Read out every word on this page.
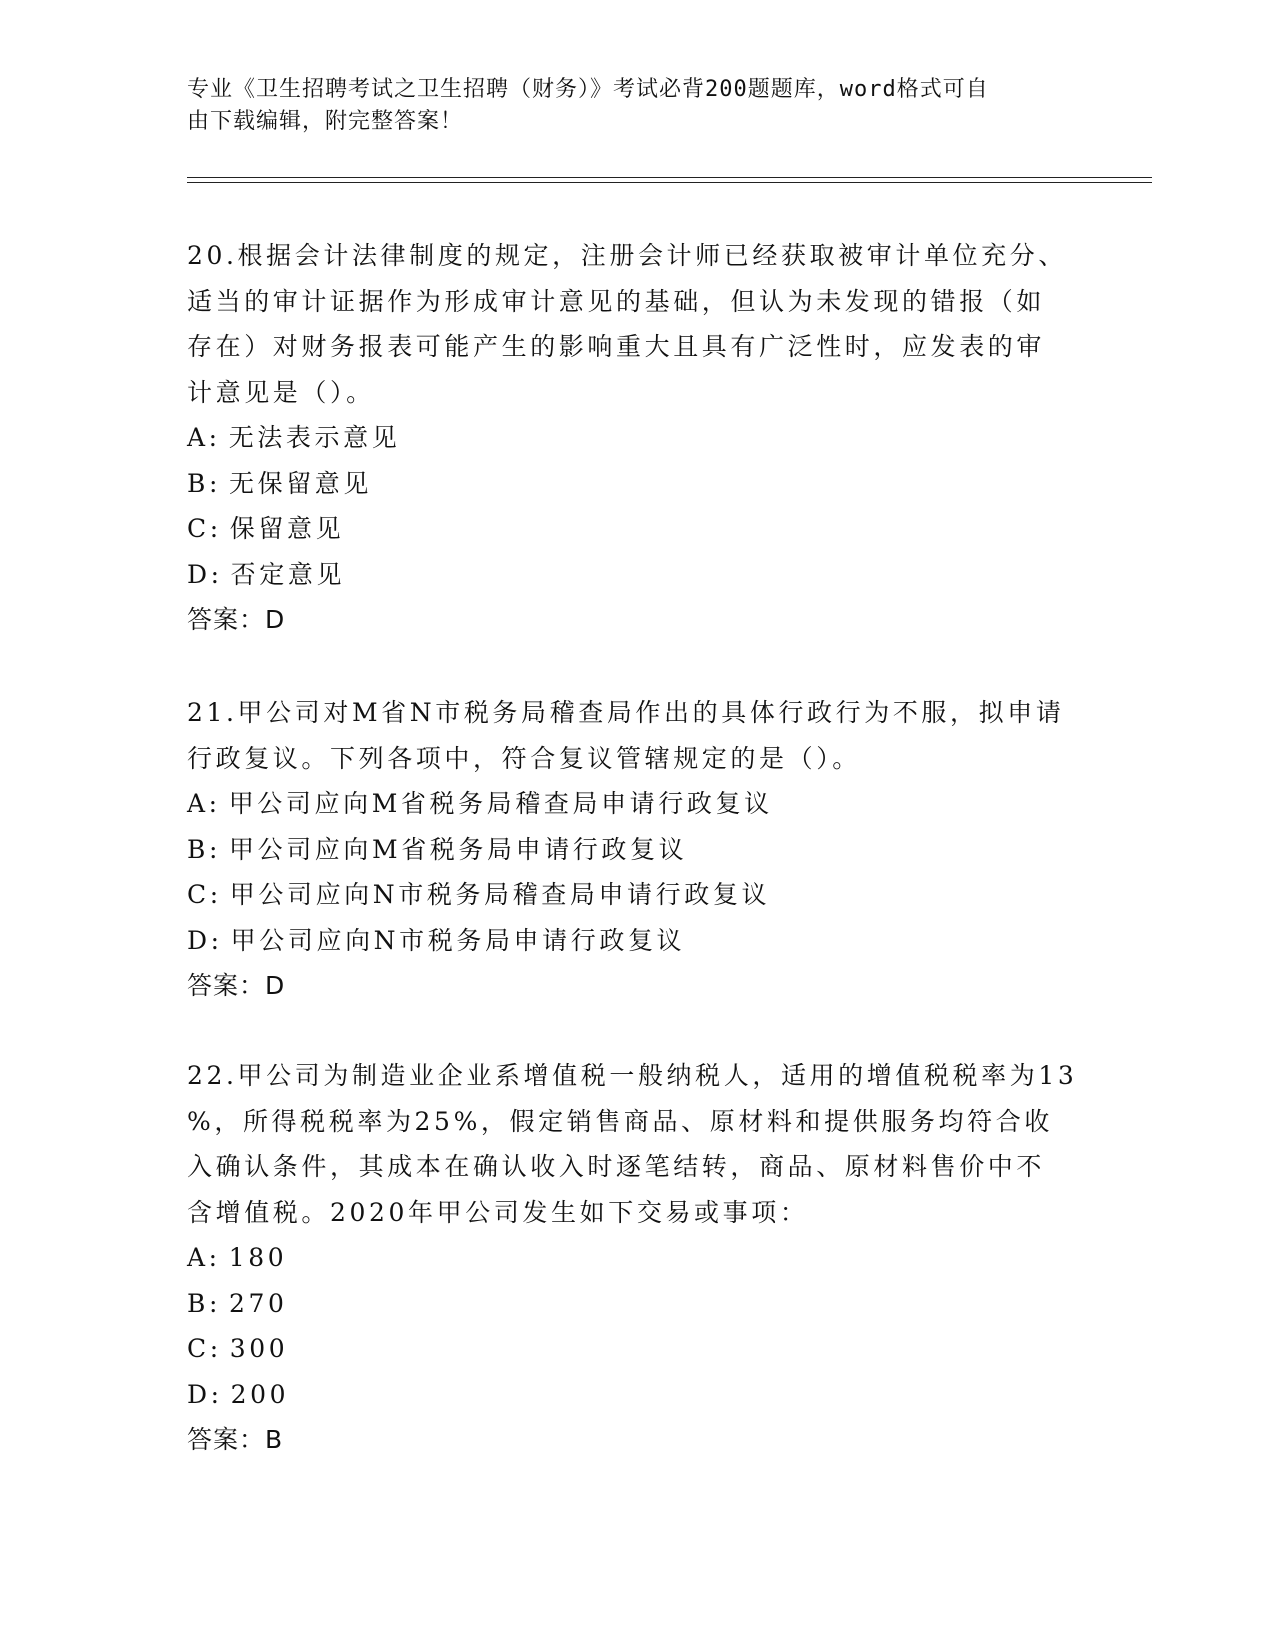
专业《卫生招聘考试之卫生招聘（财务）》考试必背200题题库，word格式可自
由下载编辑，附完整答案！

20.根据会计法律制度的规定，注册会计师已经获取被审计单位充分、

适当的审计证据作为形成审计意见的基础，但认为未发现的错报（如

存在）对财务报表可能产生的影响重大且具有广泛性时，应发表的审

计意见是（）。

A: 无法表示意见

B: 无保留意见

C: 保留意见

D: 否定意见

答案：D

21.甲公司对M省N市税务局稽查局作出的具体行政行为不服，拟申请

行政复议。下列各项中，符合复议管辖规定的是（）。

A: 甲公司应向M省税务局稽查局申请行政复议

B: 甲公司应向M省税务局申请行政复议

C: 甲公司应向N市税务局稽查局申请行政复议

D: 甲公司应向N市税务局申请行政复议

答案：D

22.甲公司为制造业企业系增值税一般纳税人，适用的增值税税率为13

%，所得税税率为25%，假定销售商品、原材料和提供服务均符合收

入确认条件，其成本在确认收入时逐笔结转，商品、原材料售价中不

含增值税。2020年甲公司发生如下交易或事项：

A: 180

B: 270

C: 300

D: 200

答案：B
